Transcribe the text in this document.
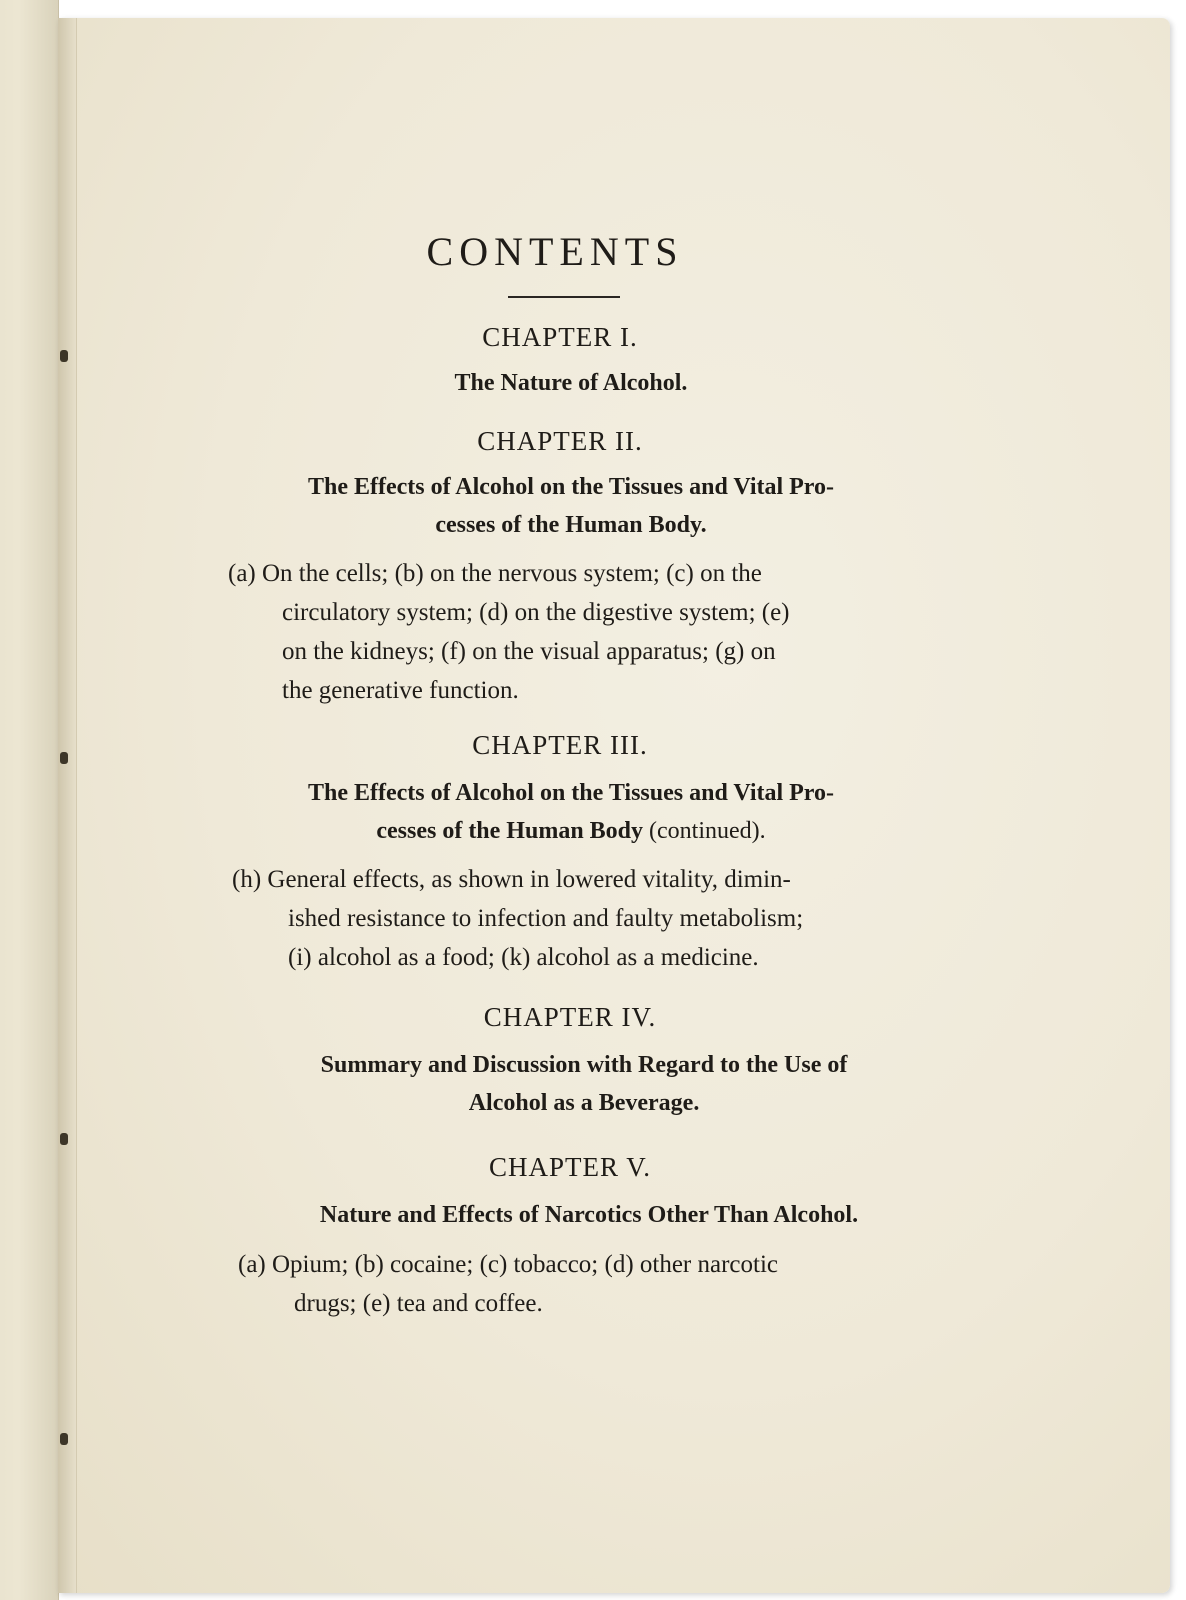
CONTENTS
CHAPTER I.
The Nature of Alcohol.
CHAPTER II.
The Effects of Alcohol on the Tissues and Vital Pro-
cesses of the Human Body.
(a) On the cells; (b) on the nervous system; (c) on the
circulatory system; (d) on the digestive system; (e)
on the kidneys; (f) on the visual apparatus; (g) on
the generative function.
CHAPTER III.
The Effects of Alcohol on the Tissues and Vital Pro-
cesses of the Human Body (continued).
(h) General effects, as shown in lowered vitality, dimin-
ished resistance to infection and faulty metabolism;
(i) alcohol as a food; (k) alcohol as a medicine.
CHAPTER IV.
Summary and Discussion with Regard to the Use of
Alcohol as a Beverage.
CHAPTER V.
Nature and Effects of Narcotics Other Than Alcohol.
(a) Opium; (b) cocaine; (c) tobacco; (d) other narcotic
drugs; (e) tea and coffee.
